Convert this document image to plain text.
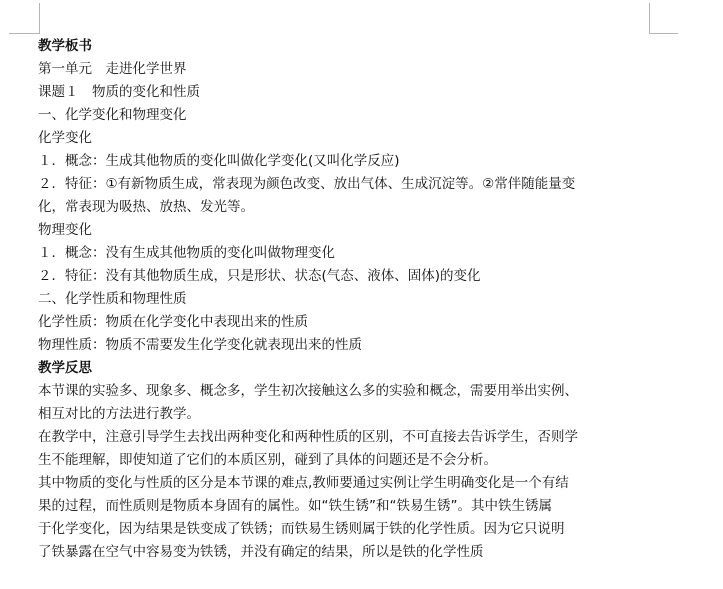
教学板书
第一单元　走进化学世界
课题１　物质的变化和性质
一、化学变化和物理变化
化学变化
１．概念：生成其他物质的变化叫做化学变化(又叫化学反应)
２．特征：①有新物质生成，常表现为颜色改变、放出气体、生成沉淀等。②常伴随能量变
化，常表现为吸热、放热、发光等。
物理变化
１．概念：没有生成其他物质的变化叫做物理变化
２．特征：没有其他物质生成，只是形状、状态(气态、液体、固体)的变化
二、化学性质和物理性质
化学性质：物质在化学变化中表现出来的性质
物理性质：物质不需要发生化学变化就表现出来的性质
教学反思
本节课的实验多、现象多、概念多，学生初次接触这么多的实验和概念，需要用举出实例、
相互对比的方法进行教学。
在教学中，注意引导学生去找出两种变化和两种性质的区别，不可直接去告诉学生，否则学
生不能理解，即使知道了它们的本质区别，碰到了具体的问题还是不会分析。
其中物质的变化与性质的区分是本节课的难点,教师要通过实例让学生明确变化是一个有结
果的过程，而性质则是物质本身固有的属性。如“铁生锈”和“铁易生锈”。其中铁生锈属
于化学变化，因为结果是铁变成了铁锈；而铁易生锈则属于铁的化学性质。因为它只说明
了铁暴露在空气中容易变为铁锈，并没有确定的结果，所以是铁的化学性质
